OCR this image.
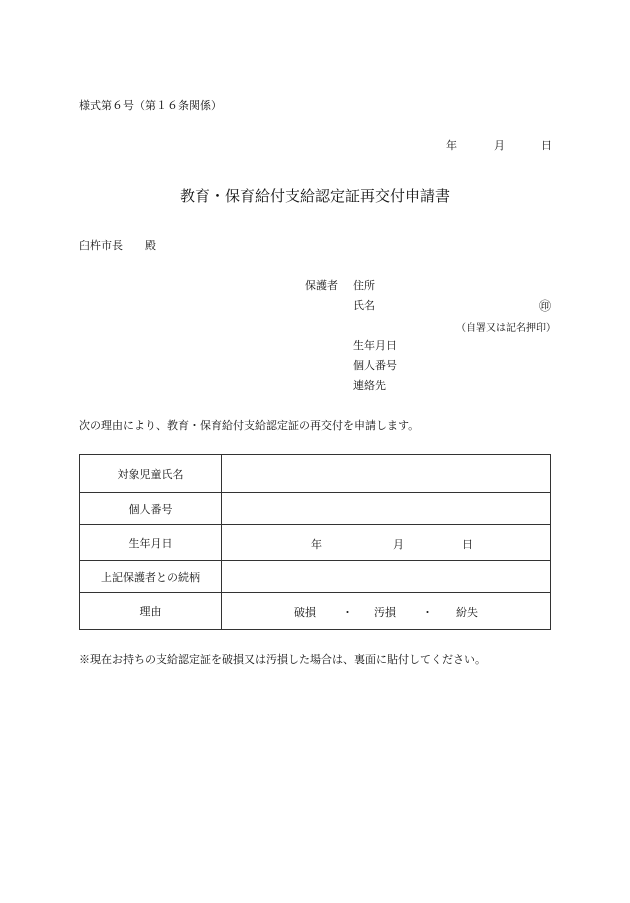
様式第６号（第１６条関係）
年	月	日
教育・保育給付支給認定証再交付申請書
臼杵市長　　殿
保護者 住所
氏名	㊞
（自署又は記名押印）
生年月日
個人番号
連絡先
次の理由により、教育・保育給付支給認定証の再交付を申請します。
対象児童氏名	
個人番号	
生年月日	年 月 日

上記保護者との続柄	
理由	破損 ・ 汚損 ・ 紛失
※現在お持ちの支給認定証を破損又は汚損した場合は、裏面に貼付してください。
